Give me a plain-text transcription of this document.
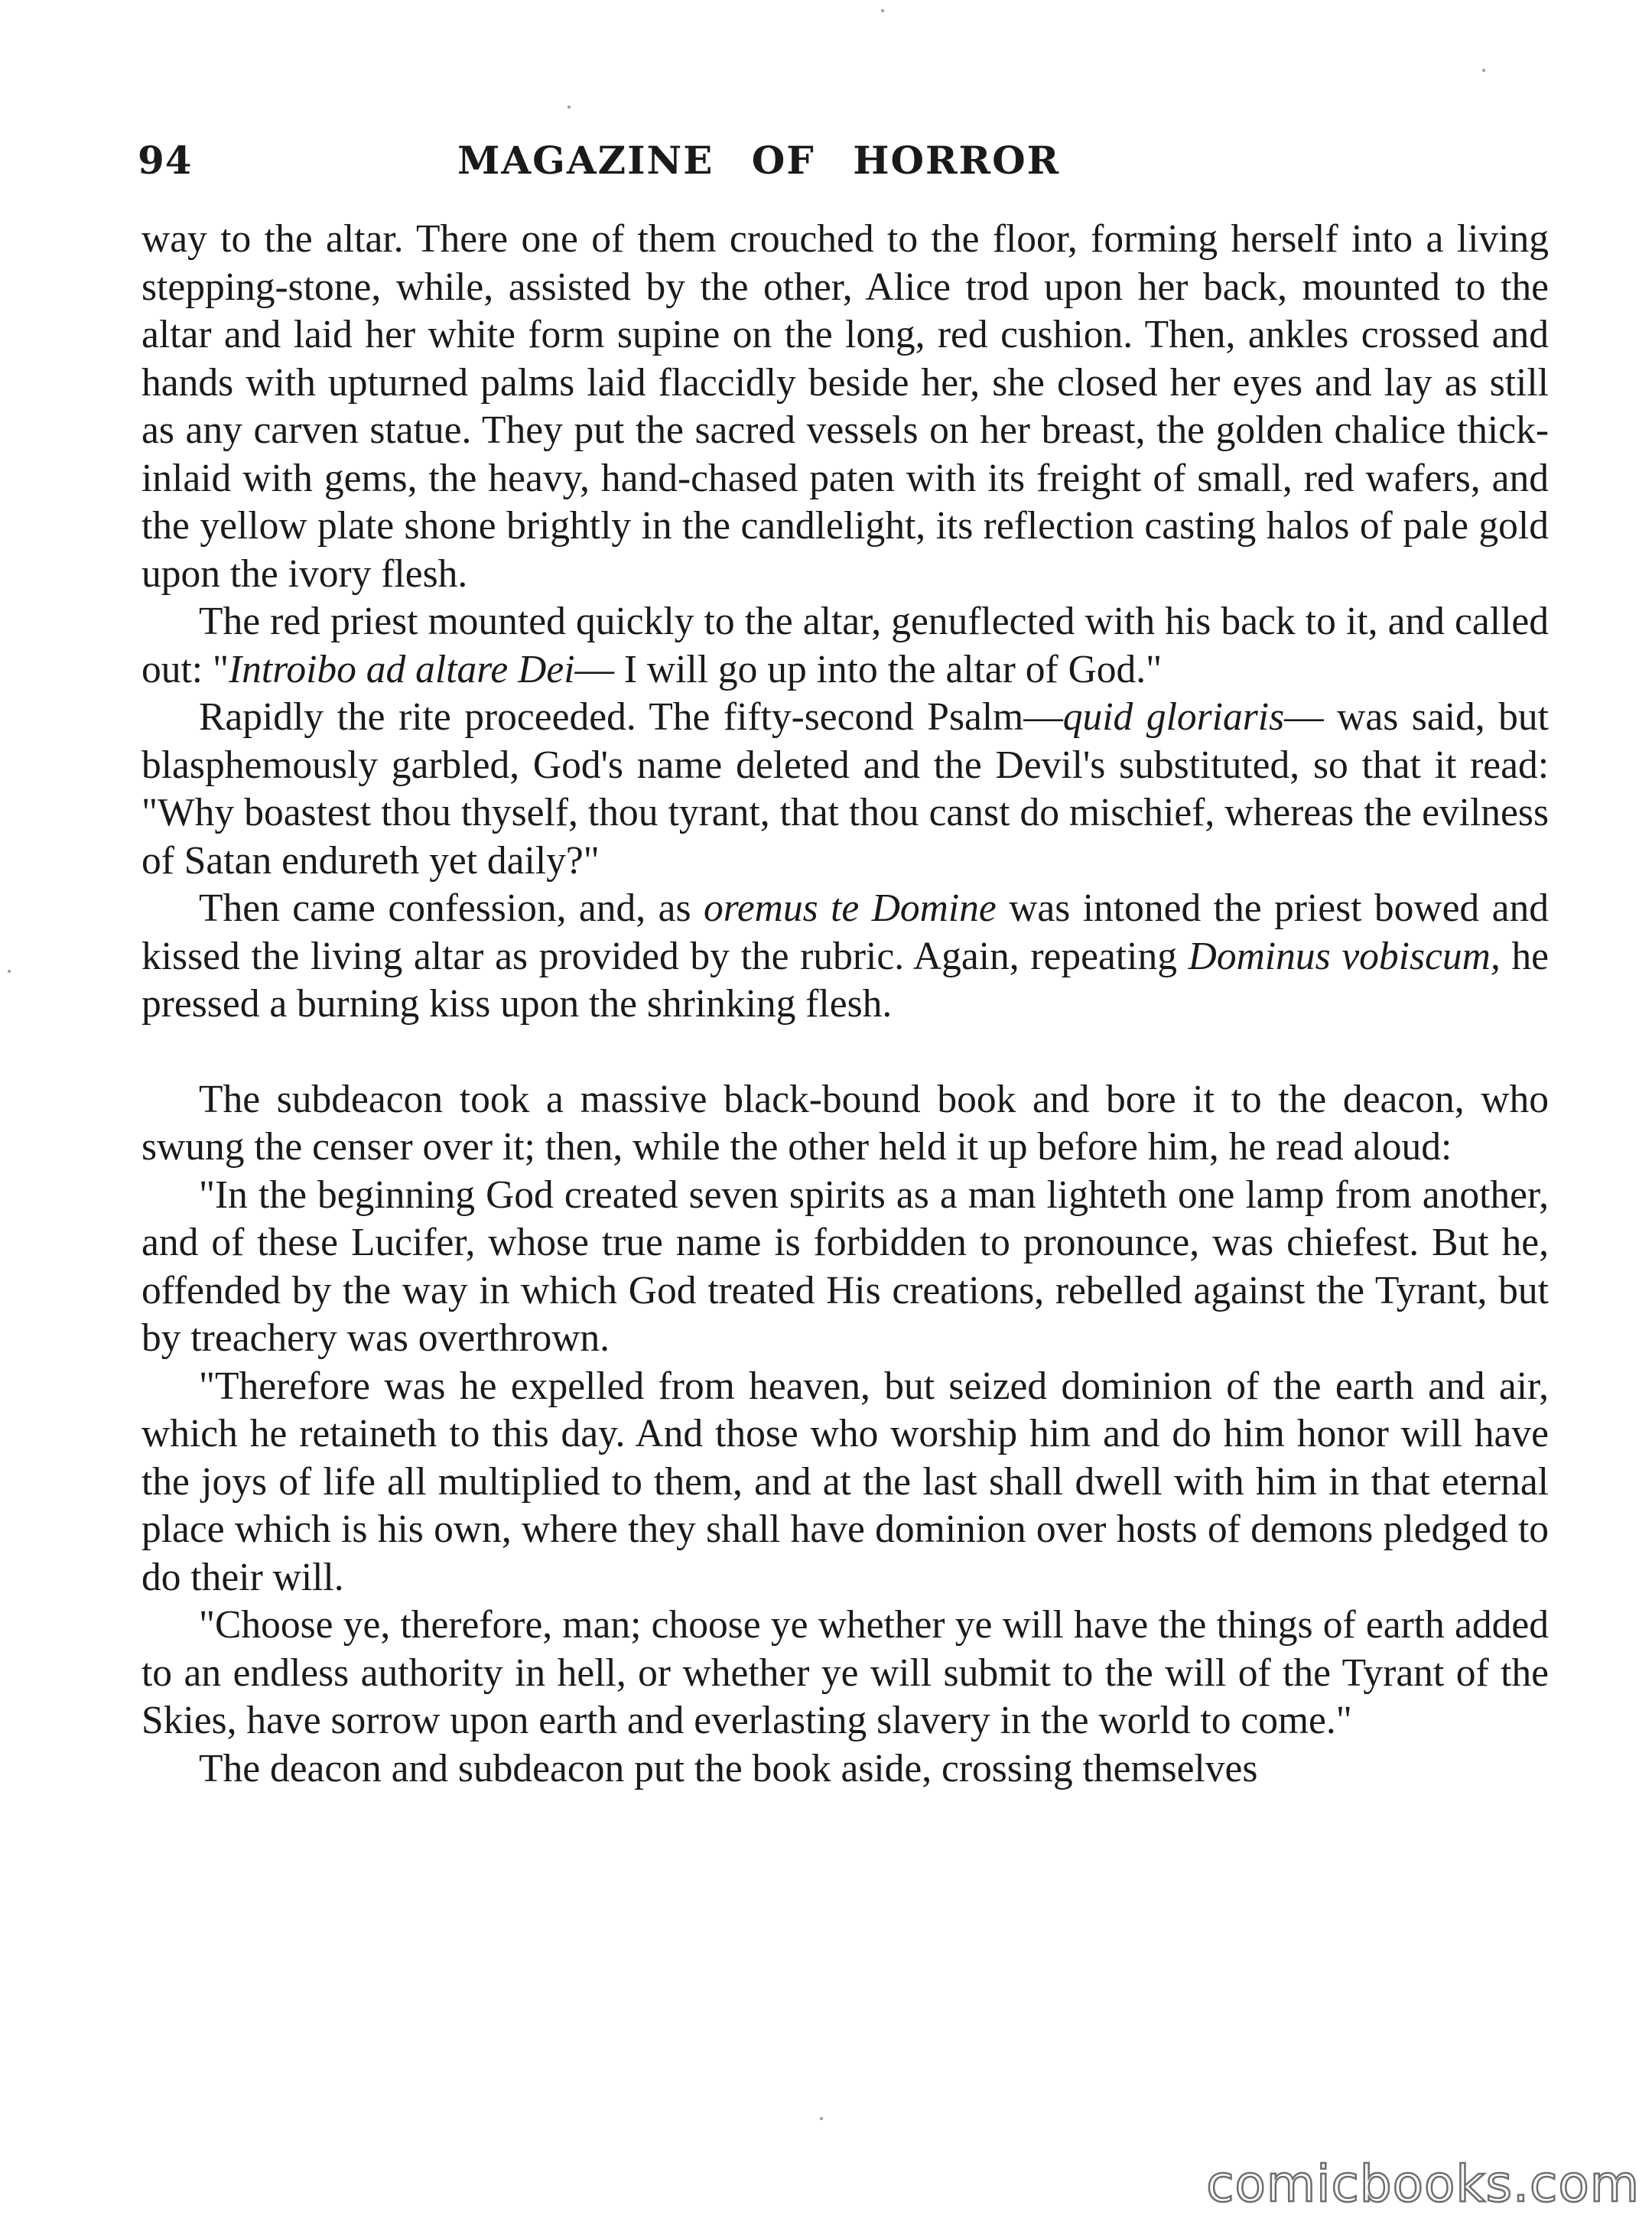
94	MAGAZINE OF HORROR

way to the altar. There one of them crouched to the floor, forming herself into a living stepping-stone, while, assisted by the other, Alice trod upon her back, mounted to the altar and laid her white form supine on the long, red cushion. Then, ankles crossed and hands with upturned palms laid flaccidly beside her, she closed her eyes and lay as still as any carven statue. They put the sacred vessels on her breast, the golden chalice thick-inlaid with gems, the heavy, hand-chased paten with its freight of small, red wafers, and the yellow plate shone brightly in the candlelight, its reflection casting halos of pale gold upon the ivory flesh.

The red priest mounted quickly to the altar, genuflected with his back to it, and called out: "Introibo ad altare Dei— I will go up into the altar of God."

Rapidly the rite proceeded. The fifty-second Psalm—quid gloriaris— was said, but blasphemously garbled, God's name deleted and the Devil's substituted, so that it read: "Why boastest thou thyself, thou tyrant, that thou canst do mischief, whereas the evilness of Satan endureth yet daily?"

Then came confession, and, as oremus te Domine was intoned the priest bowed and kissed the living altar as provided by the rubric. Again, repeating Dominus vobiscum, he pressed a burning kiss upon the shrinking flesh.

The subdeacon took a massive black-bound book and bore it to the deacon, who swung the censer over it; then, while the other held it up before him, he read aloud:

"In the beginning God created seven spirits as a man lighteth one lamp from another, and of these Lucifer, whose true name is forbidden to pronounce, was chiefest. But he, offended by the way in which God treated His creations, rebelled against the Tyrant, but by treachery was overthrown.

"Therefore was he expelled from heaven, but seized dominion of the earth and air, which he retaineth to this day. And those who worship him and do him honor will have the joys of life all multiplied to them, and at the last shall dwell with him in that eternal place which is his own, where they shall have dominion over hosts of demons pledged to do their will.

"Choose ye, therefore, man; choose ye whether ye will have the things of earth added to an endless authority in hell, or whether ye will submit to the will of the Tyrant of the Skies, have sorrow upon earth and everlasting slavery in the world to come."

The deacon and subdeacon put the book aside, crossing themselves

comicbooks.com
